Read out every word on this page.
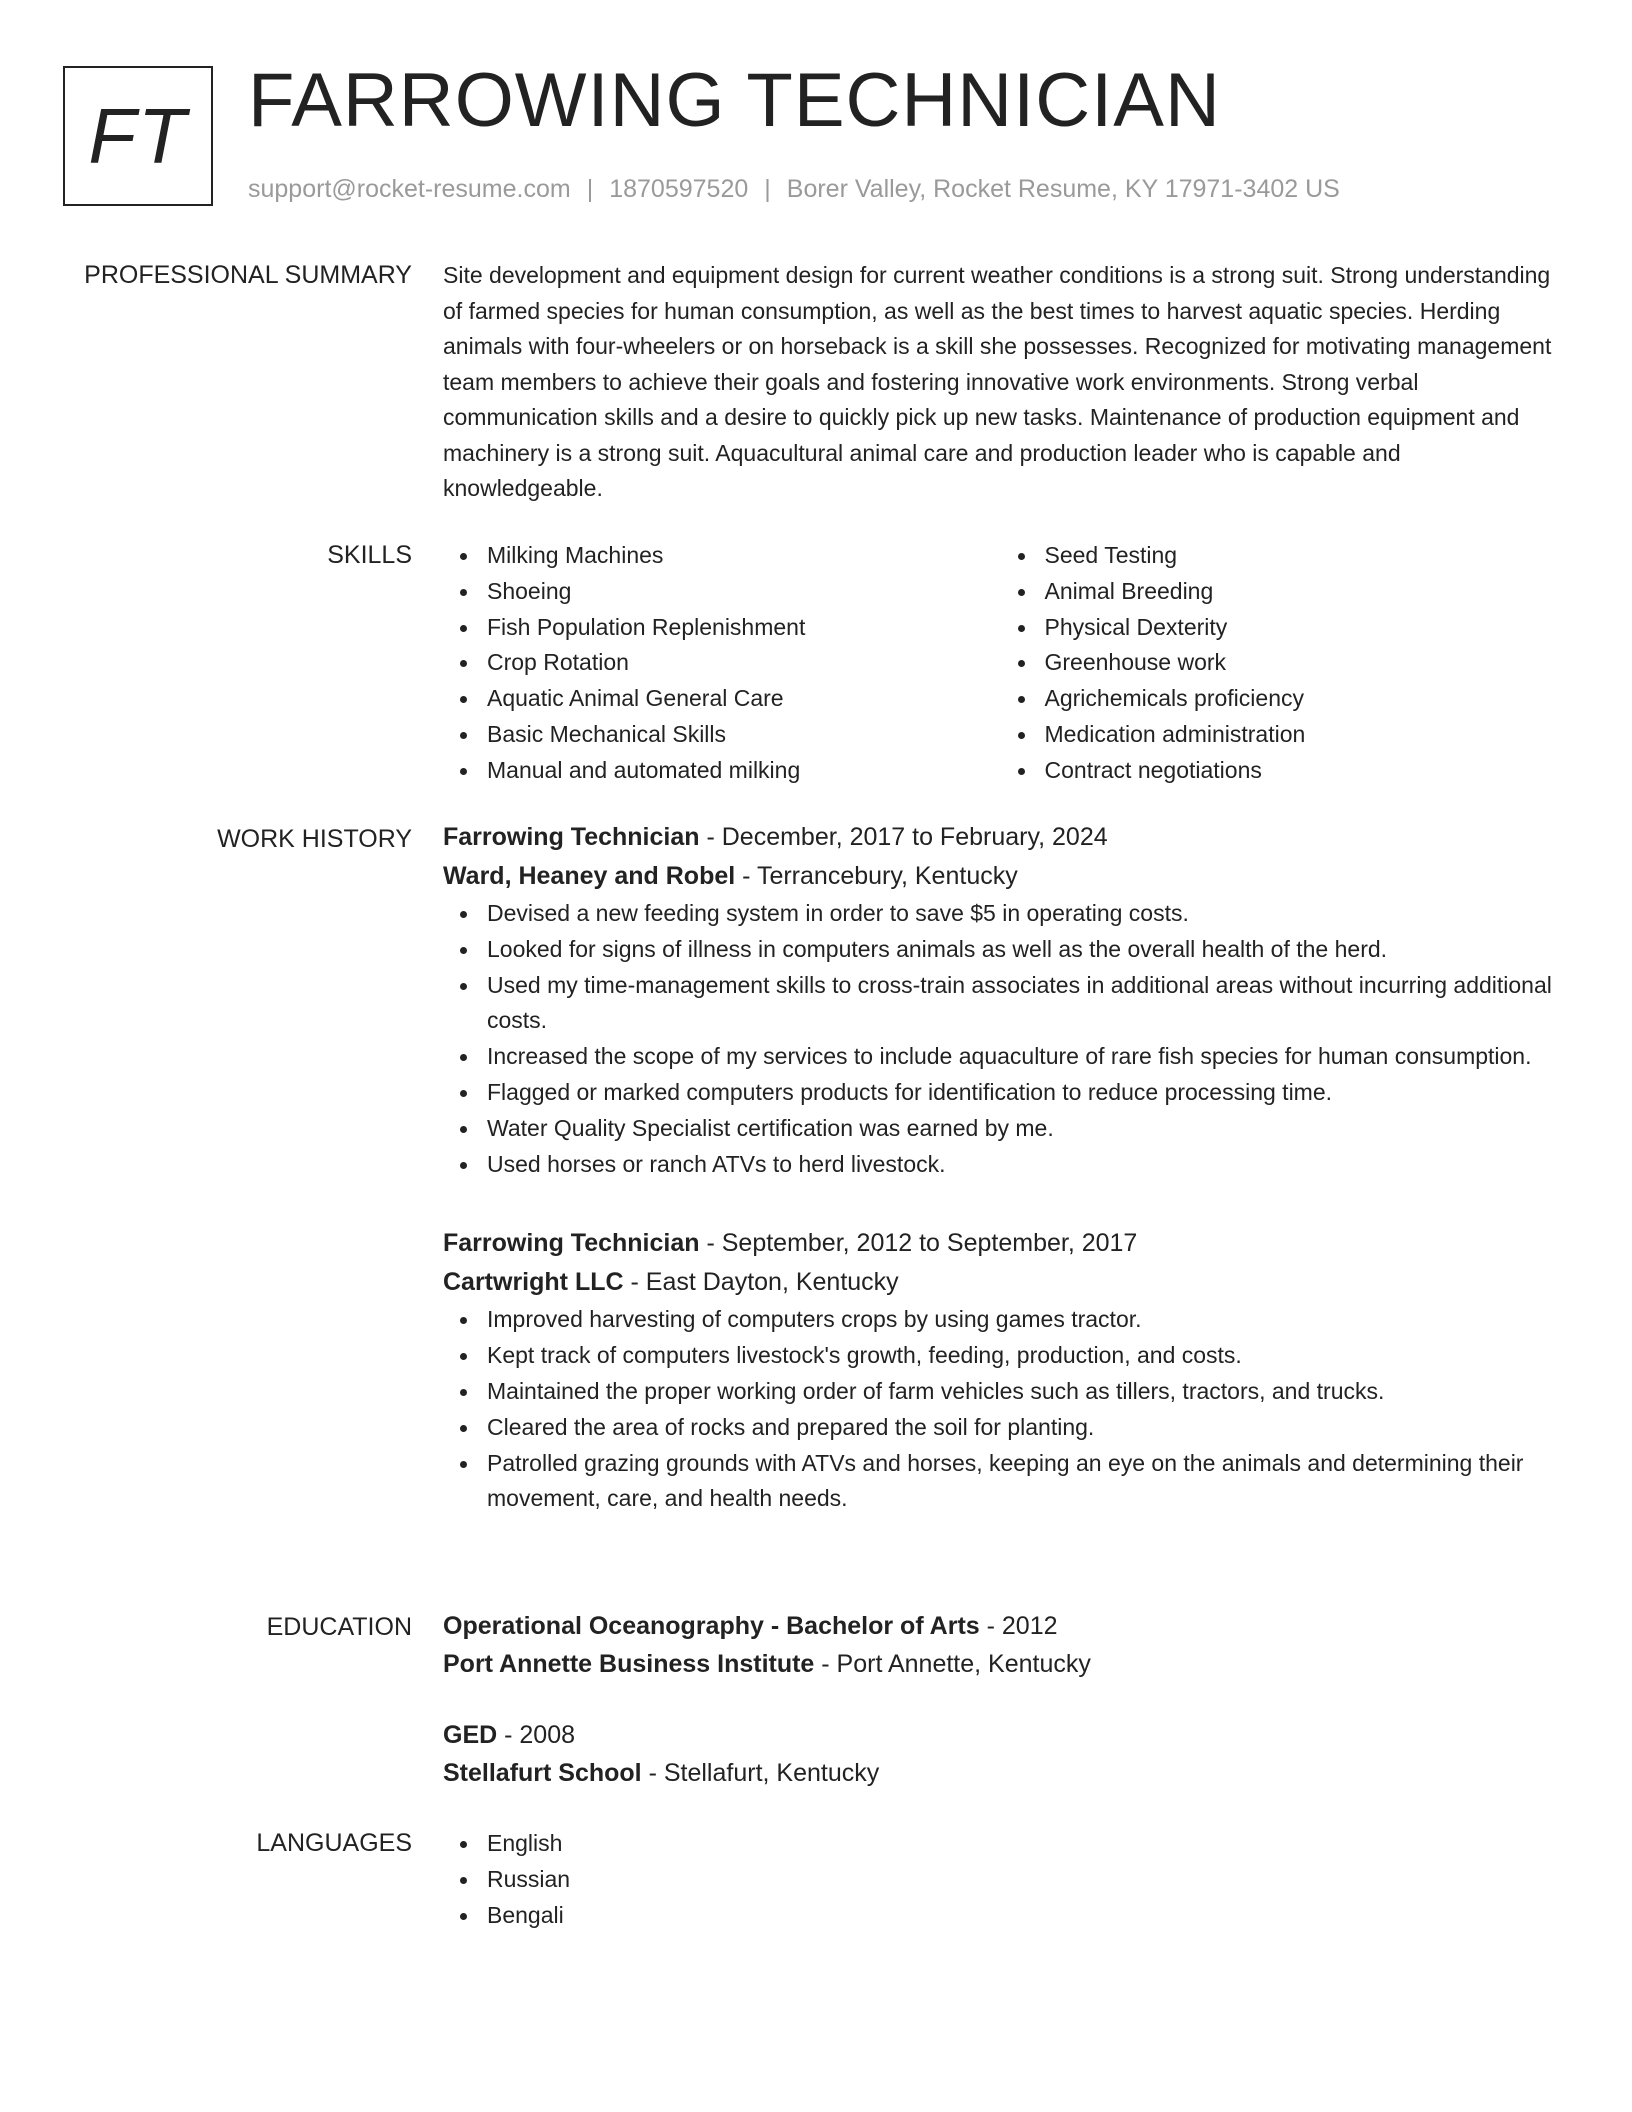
FT FARROWING TECHNICIAN
support@rocket-resume.com | 1870597520 | Borer Valley, Rocket Resume, KY 17971-3402 US
PROFESSIONAL SUMMARY Site development and equipment design for current weather conditions is a strong suit. Strong understanding of farmed species for human consumption, as well as the best times to harvest aquatic species. Herding animals with four-wheelers or on horseback is a skill she possesses. Recognized for motivating management team members to achieve their goals and fostering innovative work environments. Strong verbal communication skills and a desire to quickly pick up new tasks. Maintenance of production equipment and machinery is a strong suit. Aquacultural animal care and production leader who is capable and knowledgeable.

SKILLS	Milking Machines
Shoeing
Fish Population Replenishment
Crop Rotation
Aquatic Animal General Care
Basic Mechanical Skills
Manual and automated milking
Seed Testing
Animal Breeding
Physical Dexterity
Greenhouse work
Agrichemicals proficiency
Medication administration
Contract negotiations
WORK HISTORY Farrowing Technician - December, 2017 to February, 2024
Ward, Heaney and Robel - Terrancebury, Kentucky
Devised a new feeding system in order to save $5 in operating costs.
Looked for signs of illness in computers animals as well as the overall health of the herd.
Used my time-management skills to cross-train associates in additional areas without incurring additional costs.
Increased the scope of my services to include aquaculture of rare fish species for human consumption.
Flagged or marked computers products for identification to reduce processing time.
Water Quality Specialist certification was earned by me.
Used horses or ranch ATVs to herd livestock.
Farrowing Technician - September, 2012 to September, 2017
Cartwright LLC - East Dayton, Kentucky
Improved harvesting of computers crops by using games tractor.
Kept track of computers livestock's growth, feeding, production, and costs.
Maintained the proper working order of farm vehicles such as tillers, tractors, and trucks.
Cleared the area of rocks and prepared the soil for planting.
Patrolled grazing grounds with ATVs and horses, keeping an eye on the animals and determining their movement, care, and health needs.
EDUCATION Operational Oceanography - Bachelor of Arts - 2012
Port Annette Business Institute - Port Annette, Kentucky
GED - 2008
Stellafurt School - Stellafurt, Kentucky
LANGUAGES	English
Russian
Bengali
